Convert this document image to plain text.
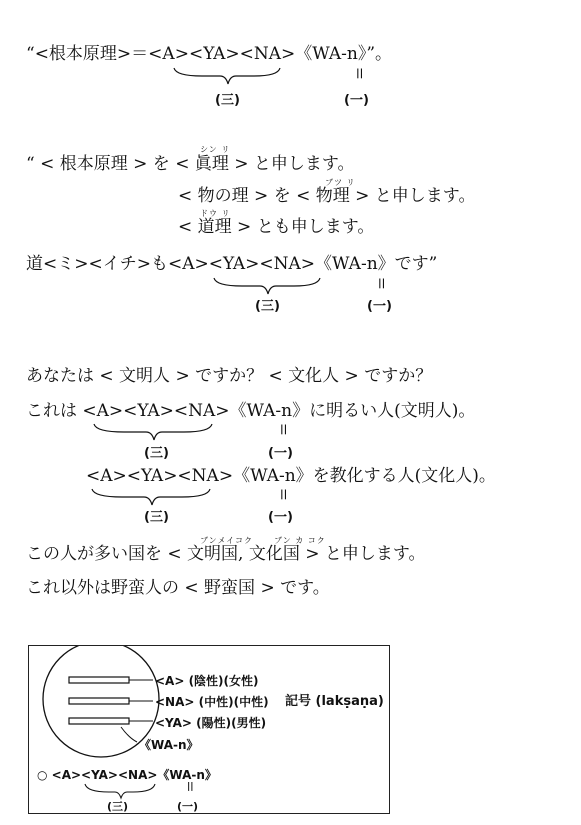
“<根本原理>＝<A><YA><NA>《WA-n》”。
(三)
||
(一)
シン リ
“ < 根本原理 > を < 眞理 > と申します。
ブツ リ
< 物の理 > を < 物理 > と申します。
ドウ リ
< 道理 > とも申します。
道<ミ><イチ>も<A><YA><NA>《WA-n》です”
(三)
||
(一)
あなたは < 文明人 > ですか？ < 文化人 > ですか？
これは <A><YA><NA>《WA-n》に明るい人(文明人)。
(三)
||
(一)
<A><YA><NA>《WA-n》を教化する人(文化人)。
(三)
||
(一)
ブンメイコク	ブン カ コク
この人が多い国を < 文明国, 文化国 > と申します。
これ以外は野蛮人の < 野蛮国 > です。
<A> (陰性)(女性)
<NA> (中性)(中性)
<YA> (陽性)(男性)
《WA-n》
記号 (lakṣaṇa)
○ <A><YA><NA>《WA-n》
(三)
||
(一)
